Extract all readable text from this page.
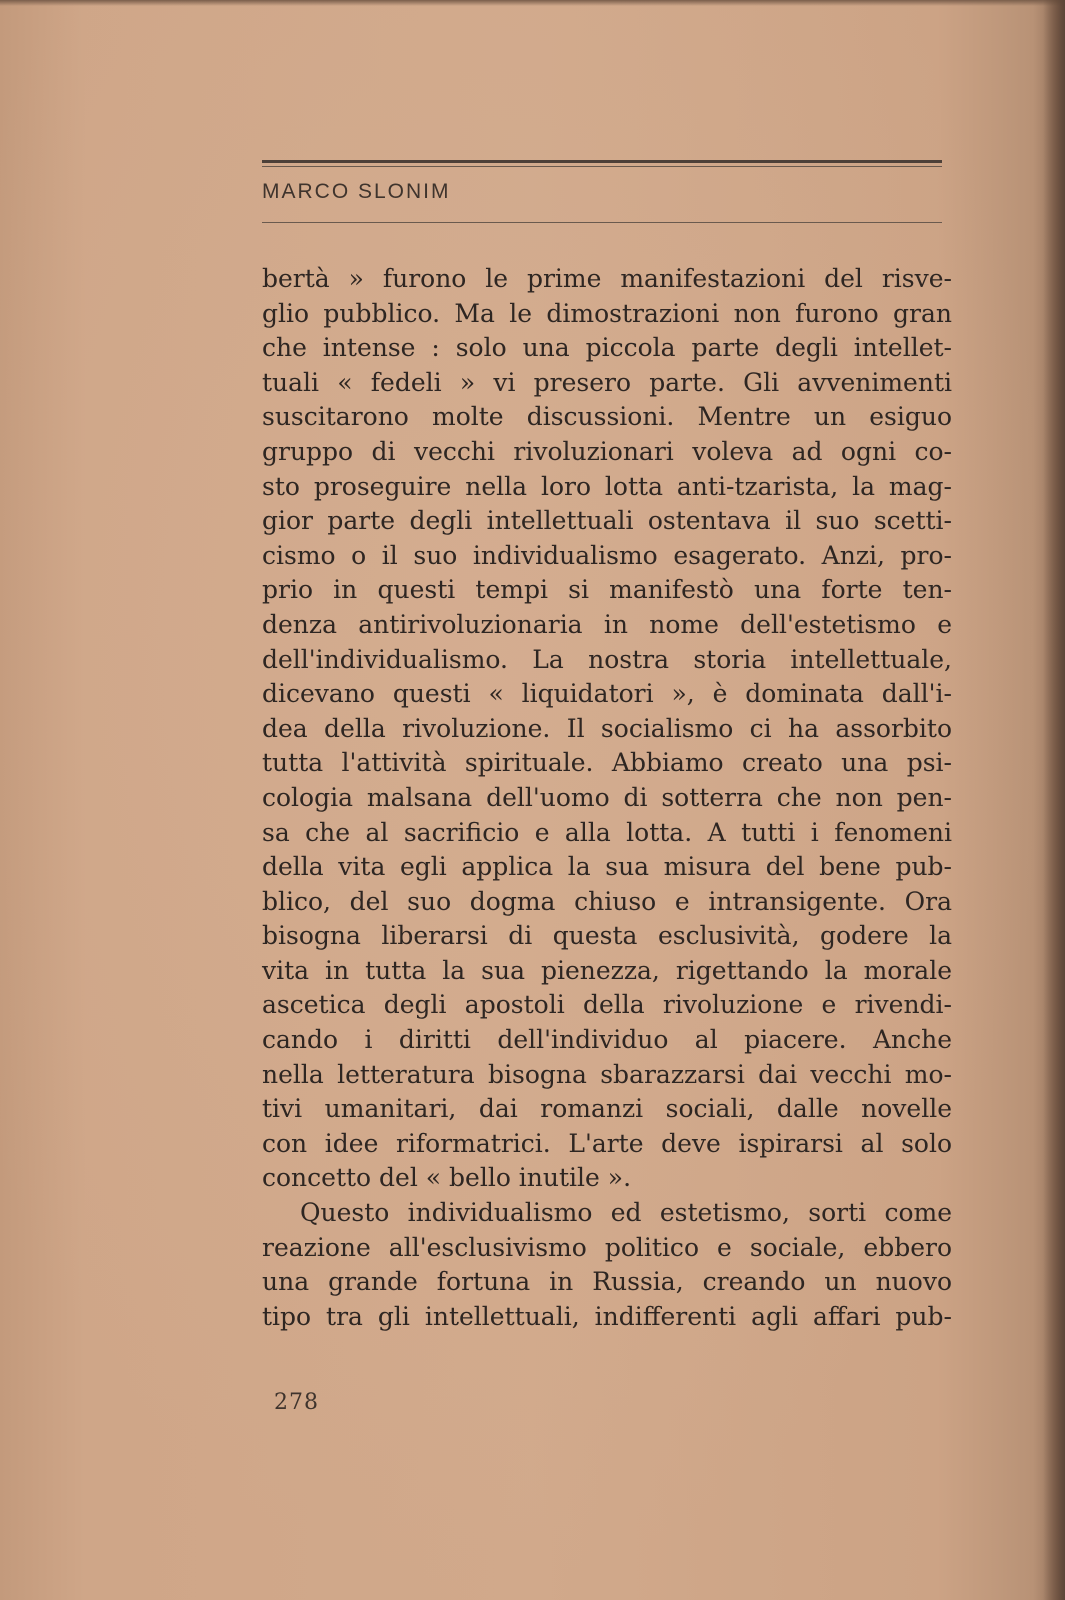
MARCO SLONIM
bertà » furono le prime manifestazioni del risve-
glio pubblico. Ma le dimostrazioni non furono gran
che intense : solo una piccola parte degli intellet-
tuali « fedeli » vi presero parte. Gli avvenimenti
suscitarono molte discussioni. Mentre un esiguo
gruppo di vecchi rivoluzionari voleva ad ogni co-
sto proseguire nella loro lotta anti-tzarista, la mag-
gior parte degli intellettuali ostentava il suo scetti-
cismo o il suo individualismo esagerato. Anzi, pro-
prio in questi tempi si manifestò una forte ten-
denza antirivoluzionaria in nome dell'estetismo e
dell'individualismo. La nostra storia intellettuale,
dicevano questi « liquidatori », è dominata dall'i-
dea della rivoluzione. Il socialismo ci ha assorbito
tutta l'attività spirituale. Abbiamo creato una psi-
cologia malsana dell'uomo di sotterra che non pen-
sa che al sacrificio e alla lotta. A tutti i fenomeni
della vita egli applica la sua misura del bene pub-
blico, del suo dogma chiuso e intransigente. Ora
bisogna liberarsi di questa esclusività, godere la
vita in tutta la sua pienezza, rigettando la morale
ascetica degli apostoli della rivoluzione e rivendi-
cando i diritti dell'individuo al piacere. Anche
nella letteratura bisogna sbarazzarsi dai vecchi mo-
tivi umanitari, dai romanzi sociali, dalle novelle
con idee riformatrici. L'arte deve ispirarsi al solo
concetto del « bello inutile ».
Questo individualismo ed estetismo, sorti come
reazione all'esclusivismo politico e sociale, ebbero
una grande fortuna in Russia, creando un nuovo
tipo tra gli intellettuali, indifferenti agli affari pub-
278
